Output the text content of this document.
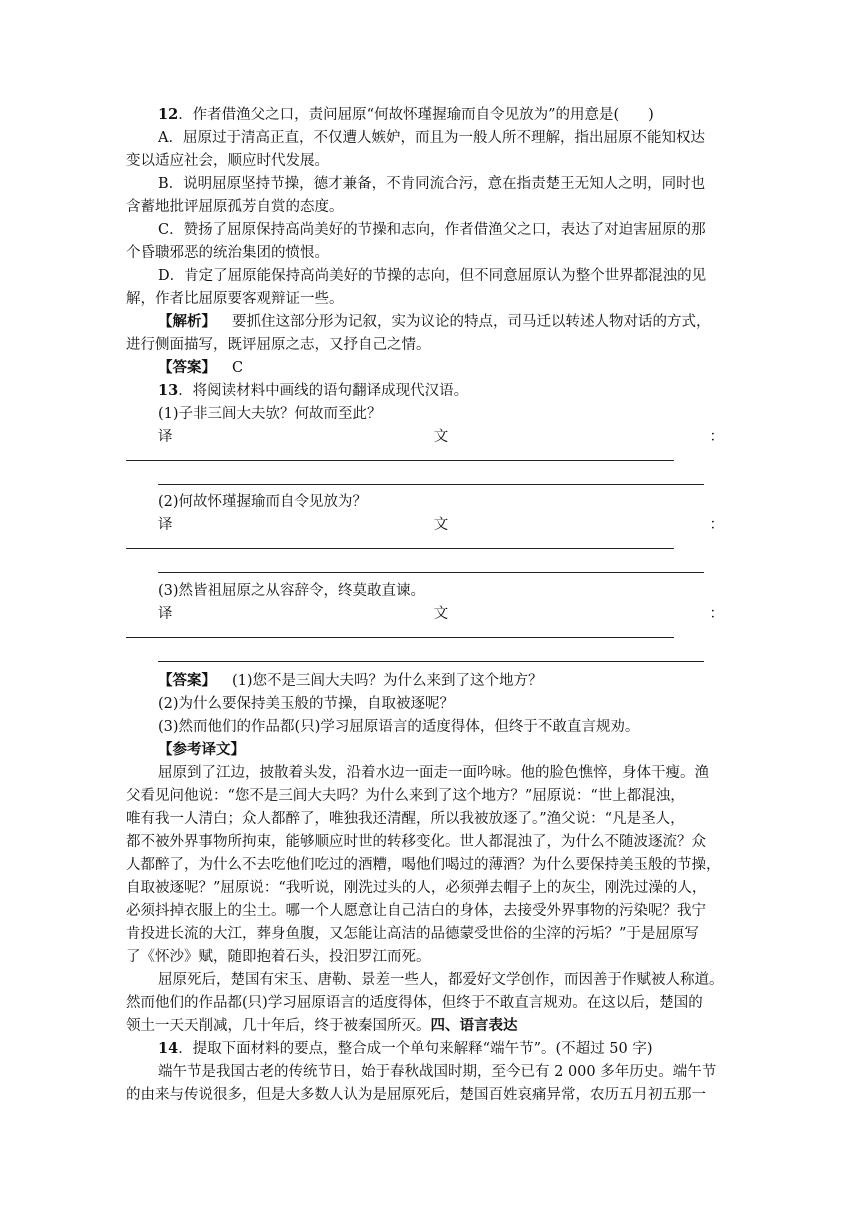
12．作者借渔父之口，责问屈原“何故怀瑾握瑜而自令见放为”的用意是(　　)
A．屈原过于清高正直，不仅遭人嫉妒，而且为一般人所不理解，指出屈原不能知权达
变以适应社会，顺应时代发展。
B．说明屈原坚持节操，德才兼备，不肯同流合污，意在指责楚王无知人之明，同时也
含蓄地批评屈原孤芳自赏的态度。
C．赞扬了屈原保持高尚美好的节操和志向，作者借渔父之口，表达了对迫害屈原的那
个昏聩邪恶的统治集团的愤恨。
D．肯定了屈原能保持高尚美好的节操的志向，但不同意屈原认为整个世界都混浊的见
解，作者比屈原要客观辩证一些。
【解析】 要抓住这部分形为记叙，实为议论的特点，司马迁以转述人物对话的方式，
进行侧面描写，既评屈原之志，又抒自己之情。
【答案】 C
13．将阅读材料中画线的语句翻译成现代汉语。
(1)子非三闾大夫欤？何故而至此？
译	文	：
(2)何故怀瑾握瑜而自令见放为？
译	文	：
(3)然皆祖屈原之从容辞令，终莫敢直谏。
译	文	：
【答案】 (1)您不是三闾大夫吗？为什么来到了这个地方？
(2)为什么要保持美玉般的节操，自取被逐呢？
(3)然而他们的作品都(只)学习屈原语言的适度得体，但终于不敢直言规劝。
【参考译文】
屈原到了江边，披散着头发，沿着水边一面走一面吟咏。他的脸色憔悴，身体干瘦。渔
父看见问他说：“您不是三闾大夫吗？为什么来到了这个地方？”屈原说：“世上都混浊，
唯有我一人清白；众人都醉了，唯独我还清醒，所以我被放逐了。”渔父说：“凡是圣人，
都不被外界事物所拘束，能够顺应时世的转移变化。世人都混浊了，为什么不随波逐流？众
人都醉了，为什么不去吃他们吃过的酒糟，喝他们喝过的薄酒？为什么要保持美玉般的节操，
自取被逐呢？”屈原说：“我听说，刚洗过头的人，必须弹去帽子上的灰尘，刚洗过澡的人，
必须抖掉衣服上的尘土。哪一个人愿意让自己洁白的身体，去接受外界事物的污染呢？我宁
肯投进长流的大江，葬身鱼腹，又怎能让高洁的品德蒙受世俗的尘滓的污垢？”于是屈原写
了《怀沙》赋，随即抱着石头，投汨罗江而死。
屈原死后，楚国有宋玉、唐勒、景差一些人，都爱好文学创作，而因善于作赋被人称道。
然而他们的作品都(只)学习屈原语言的适度得体，但终于不敢直言规劝。在这以后，楚国的
领土一天天削减，几十年后，终于被秦国所灭。四、语言表达
14．提取下面材料的要点，整合成一个单句来解释“端午节”。(不超过 50 字)
端午节是我国古老的传统节日，始于春秋战国时期，至今已有 2 000 多年历史。端午节
的由来与传说很多，但是大多数人认为是屈原死后，楚国百姓哀痛异常，农历五月初五那一
